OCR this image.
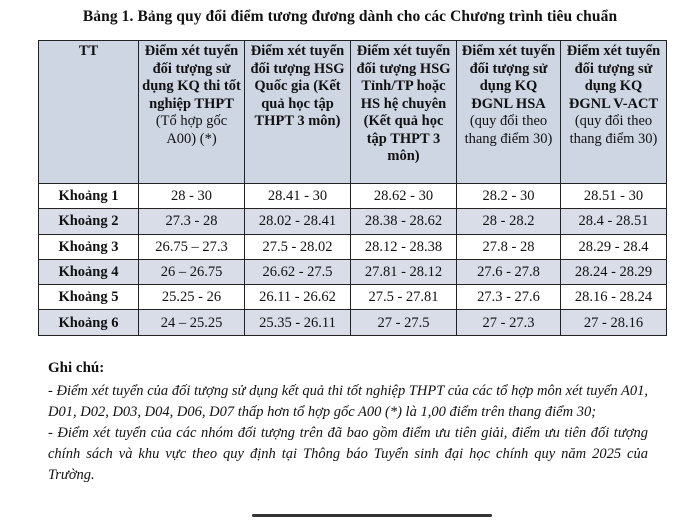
Bảng 1. Bảng quy đổi điểm tương đương dành cho các Chương trình tiêu chuẩn
TT	Điểm xét tuyển đối tượng sử dụng KQ thi tốt nghiệp THPT (Tổ hợp gốc A00) (*)	Điểm xét tuyển đối tượng HSG Quốc gia (Kết quả học tập THPT 3 môn)	Điểm xét tuyển đối tượng HSG Tỉnh/TP hoặc HS hệ chuyên (Kết quả học tập THPT 3 môn)	Điểm xét tuyển đối tượng sử dụng KQ ĐGNL HSA (quy đổi theo thang điểm 30)	Điểm xét tuyển đối tượng sử dụng KQ ĐGNL V-ACT (quy đổi theo thang điểm 30)
Khoảng 1	28 - 30	28.41 - 30	28.62 - 30	28.2 - 30	28.51 - 30
Khoảng 2	27.3 - 28	28.02 - 28.41	28.38 - 28.62	28 - 28.2	28.4 - 28.51
Khoảng 3	26.75 – 27.3	27.5 - 28.02	28.12 - 28.38	27.8 - 28	28.29 - 28.4
Khoảng 4	26 – 26.75	26.62 - 27.5	27.81 - 28.12	27.6 - 27.8	28.24 - 28.29
Khoảng 5	25.25 - 26	26.11 - 26.62	27.5 - 27.81	27.3 - 27.6	28.16 - 28.24
Khoảng 6	24 – 25.25	25.35 - 26.11	27 - 27.5	27 - 27.3	27 - 28.16
Ghi chú:

- Điểm xét tuyển của đối tượng sử dụng kết quả thi tốt nghiệp THPT của các tổ hợp môn xét tuyển A01, D01, D02, D03, D04, D06, D07 thấp hơn tổ hợp gốc A00 (*) là 1,00 điểm trên thang điểm 30;

- Điểm xét tuyển của các nhóm đối tượng trên đã bao gồm điểm ưu tiên giải, điểm ưu tiên đối tượng chính sách và khu vực theo quy định tại Thông báo Tuyển sinh đại học chính quy năm 2025 của Trường.
